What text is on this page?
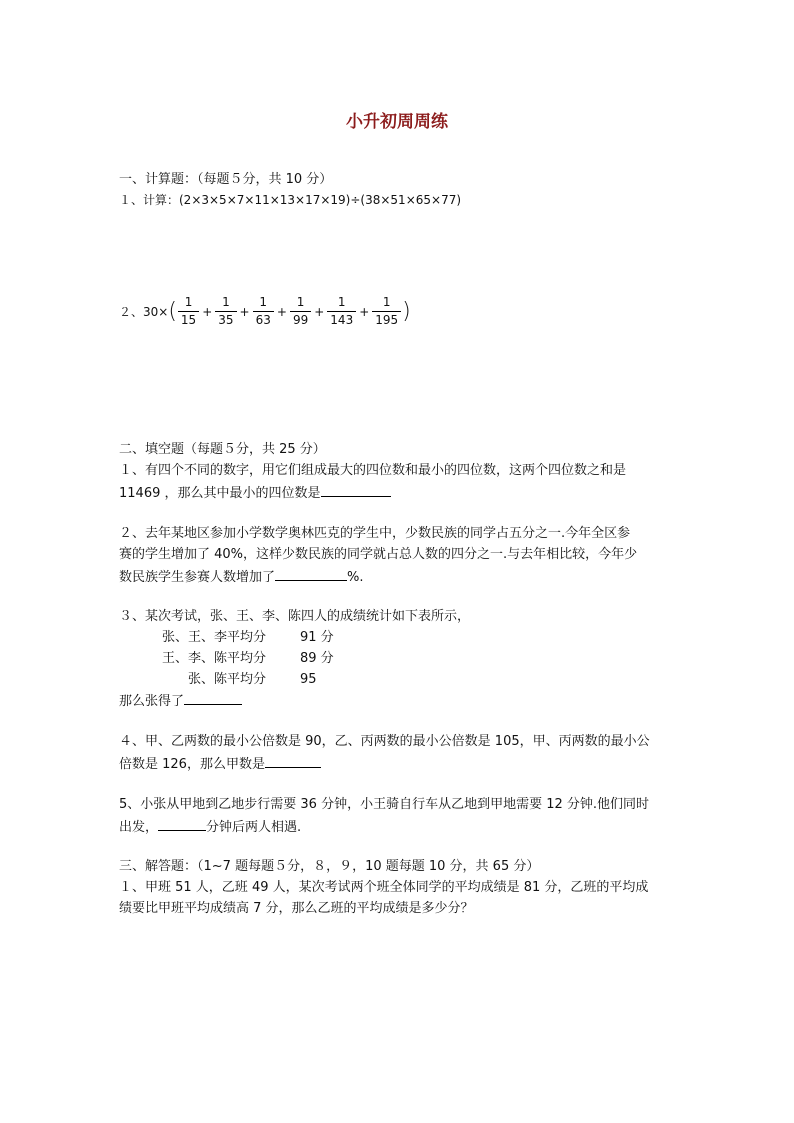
小升初周周练
一、计算题：（每题５分，共 10 分）
１、计算：(2×3×5×7×11×13×17×19)÷(38×51×65×77)
２、30× ( $\frac{1}{15} + \frac{1}{35} + \frac{1}{63} + \frac{1}{99} + \frac{1}{143} + \frac{1}{195}$ )
二、填空题（每题５分，共 25 分）
１、有四个不同的数字，用它们组成最大的四位数和最小的四位数，这两个四位数之和是
11469 ，那么其中最小的四位数是
２、去年某地区参加小学数学奥林匹克的学生中，少数民族的同学占五分之一.今年全区参
赛的学生增加了 40%，这样少数民族的同学就占总人数的四分之一.与去年相比较，今年少
数民族学生参赛人数增加了	%.
３、某次考试，张、王、李、陈四人的成绩统计如下表所示，
张、王、李平均分	91 分
王、李、陈平均分	89 分
张、陈平均分	95
那么张得了
４、甲、乙两数的最小公倍数是 90，乙、丙两数的最小公倍数是 105，甲、丙两数的最小公
倍数是 126，那么甲数是
5、小张从甲地到乙地步行需要 36 分钟，小王骑自行车从乙地到甲地需要 12 分钟.他们同时
出发，	分钟后两人相遇.
三、解答题：（1~7 题每题５分，８，９，10 题每题 10 分，共 65 分）
１、甲班 51 人，乙班 49 人，某次考试两个班全体同学的平均成绩是 81 分，乙班的平均成
绩要比甲班平均成绩高 7 分，那么乙班的平均成绩是多少分？
